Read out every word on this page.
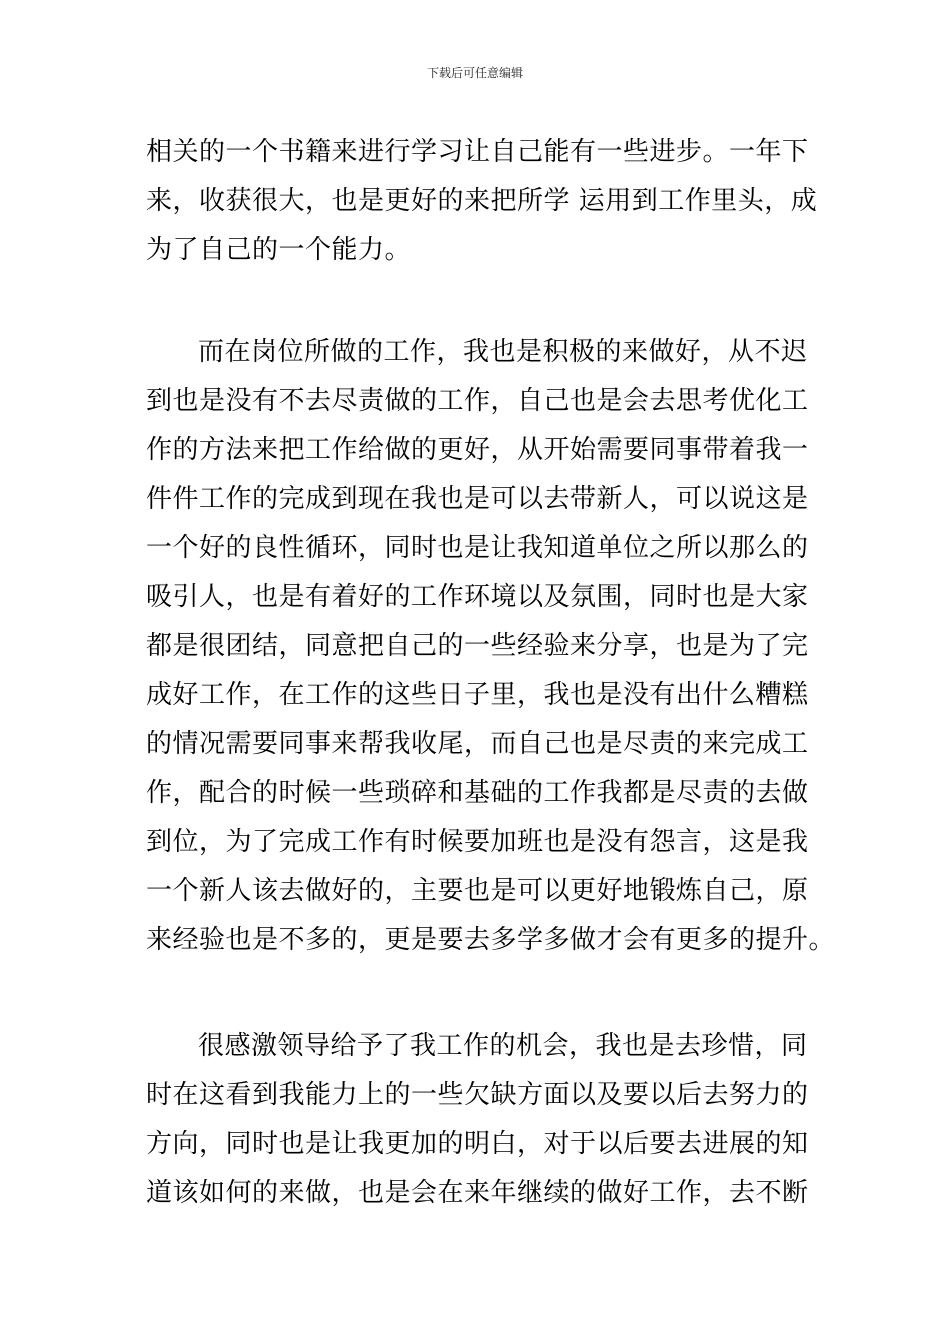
下载后可任意编辑
相关的一个书籍来进行学习让自己能有一些进步。一年下
来，收获很大，也是更好的来把所学 运用到工作里头，成
为了自己的一个能力。
而在岗位所做的工作，我也是积极的来做好，从不迟
到也是没有不去尽责做的工作，自己也是会去思考优化工
作的方法来把工作给做的更好，从开始需要同事带着我一
件件工作的完成到现在我也是可以去带新人，可以说这是
一个好的良性循环，同时也是让我知道单位之所以那么的
吸引人，也是有着好的工作环境以及氛围，同时也是大家
都是很团结，同意把自己的一些经验来分享，也是为了完
成好工作，在工作的这些日子里，我也是没有出什么糟糕
的情况需要同事来帮我收尾，而自己也是尽责的来完成工
作，配合的时候一些琐碎和基础的工作我都是尽责的去做
到位，为了完成工作有时候要加班也是没有怨言，这是我
一个新人该去做好的，主要也是可以更好地锻炼自己，原
来经验也是不多的，更是要去多学多做才会有更多的提升。
很感激领导给予了我工作的机会，我也是去珍惜，同
时在这看到我能力上的一些欠缺方面以及要以后去努力的
方向，同时也是让我更加的明白，对于以后要去进展的知
道该如何的来做，也是会在来年继续的做好工作，去不断
